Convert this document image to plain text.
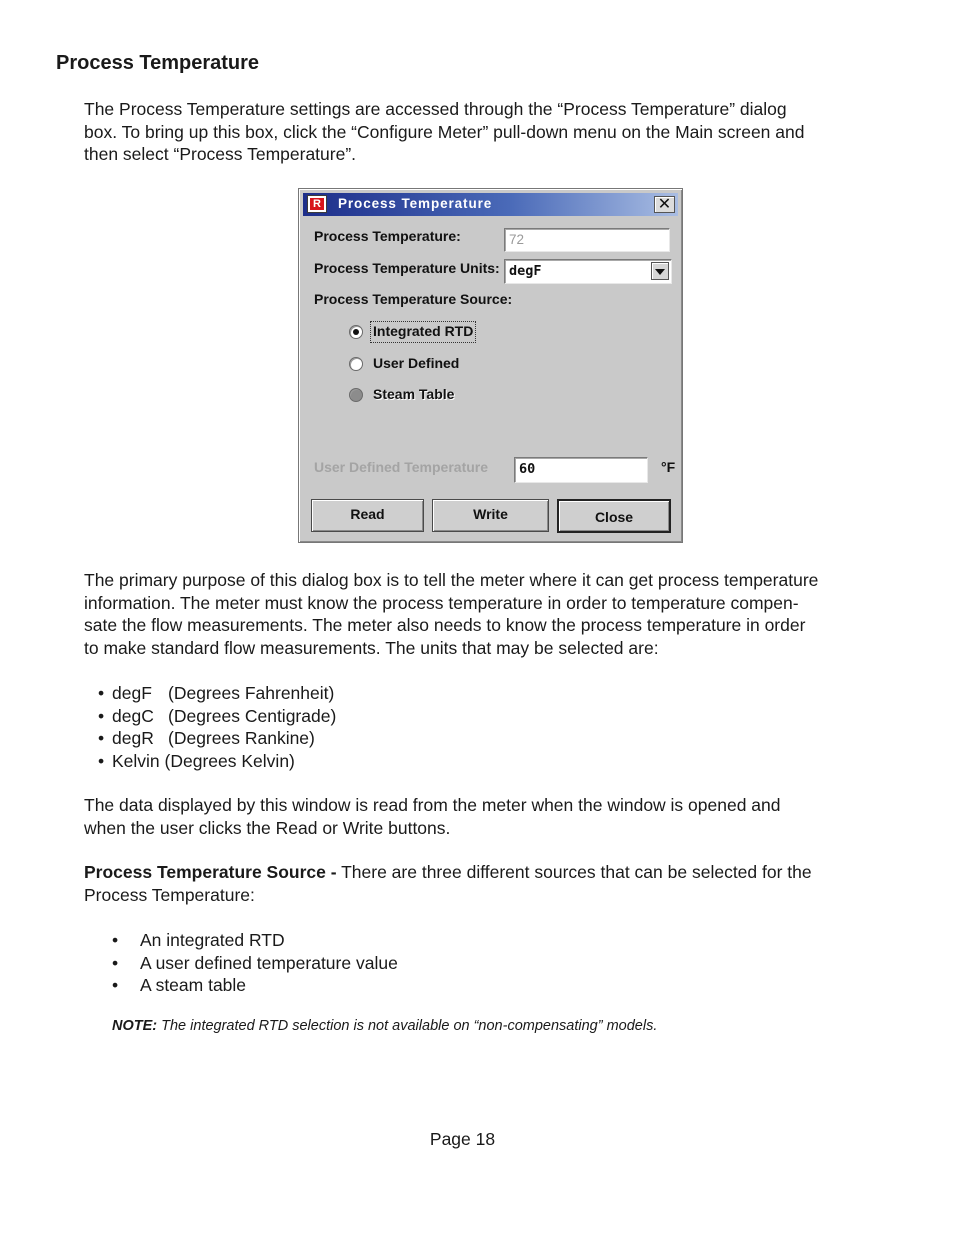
Process Temperature

The Process Temperature settings are accessed through the “Process Temperature” dialog

box. To bring up this box, click the “Configure Meter” pull-down menu on the Main screen and

then select “Process Temperature”.

R	Process Temperature	✕
Process Temperature:	72
Process Temperature Units: degF
Process Temperature Source:
Integrated RTD
User Defined
Steam Table
User Defined Temperature	60	°F
Read	Write	Close

The primary purpose of this dialog box is to tell the meter where it can get process temperature

information. The meter must know the process temperature in order to temperature compen-

sate the flow measurements. The meter also needs to know the process temperature in order

to make standard flow measurements. The units that may be selected are:

• degF (Degrees Fahrenheit)
• degC (Degrees Centigrade)
• degR (Degrees Rankine)
• Kelvin (Degrees Kelvin)

The data displayed by this window is read from the meter when the window is opened and

when the user clicks the Read or Write buttons.

Process Temperature Source - There are three different sources that can be selected for the

Process Temperature:

• An integrated RTD
• A user defined temperature value
• A steam table
NOTE: The integrated RTD selection is not available on “non-compensating” models.
Page 18
